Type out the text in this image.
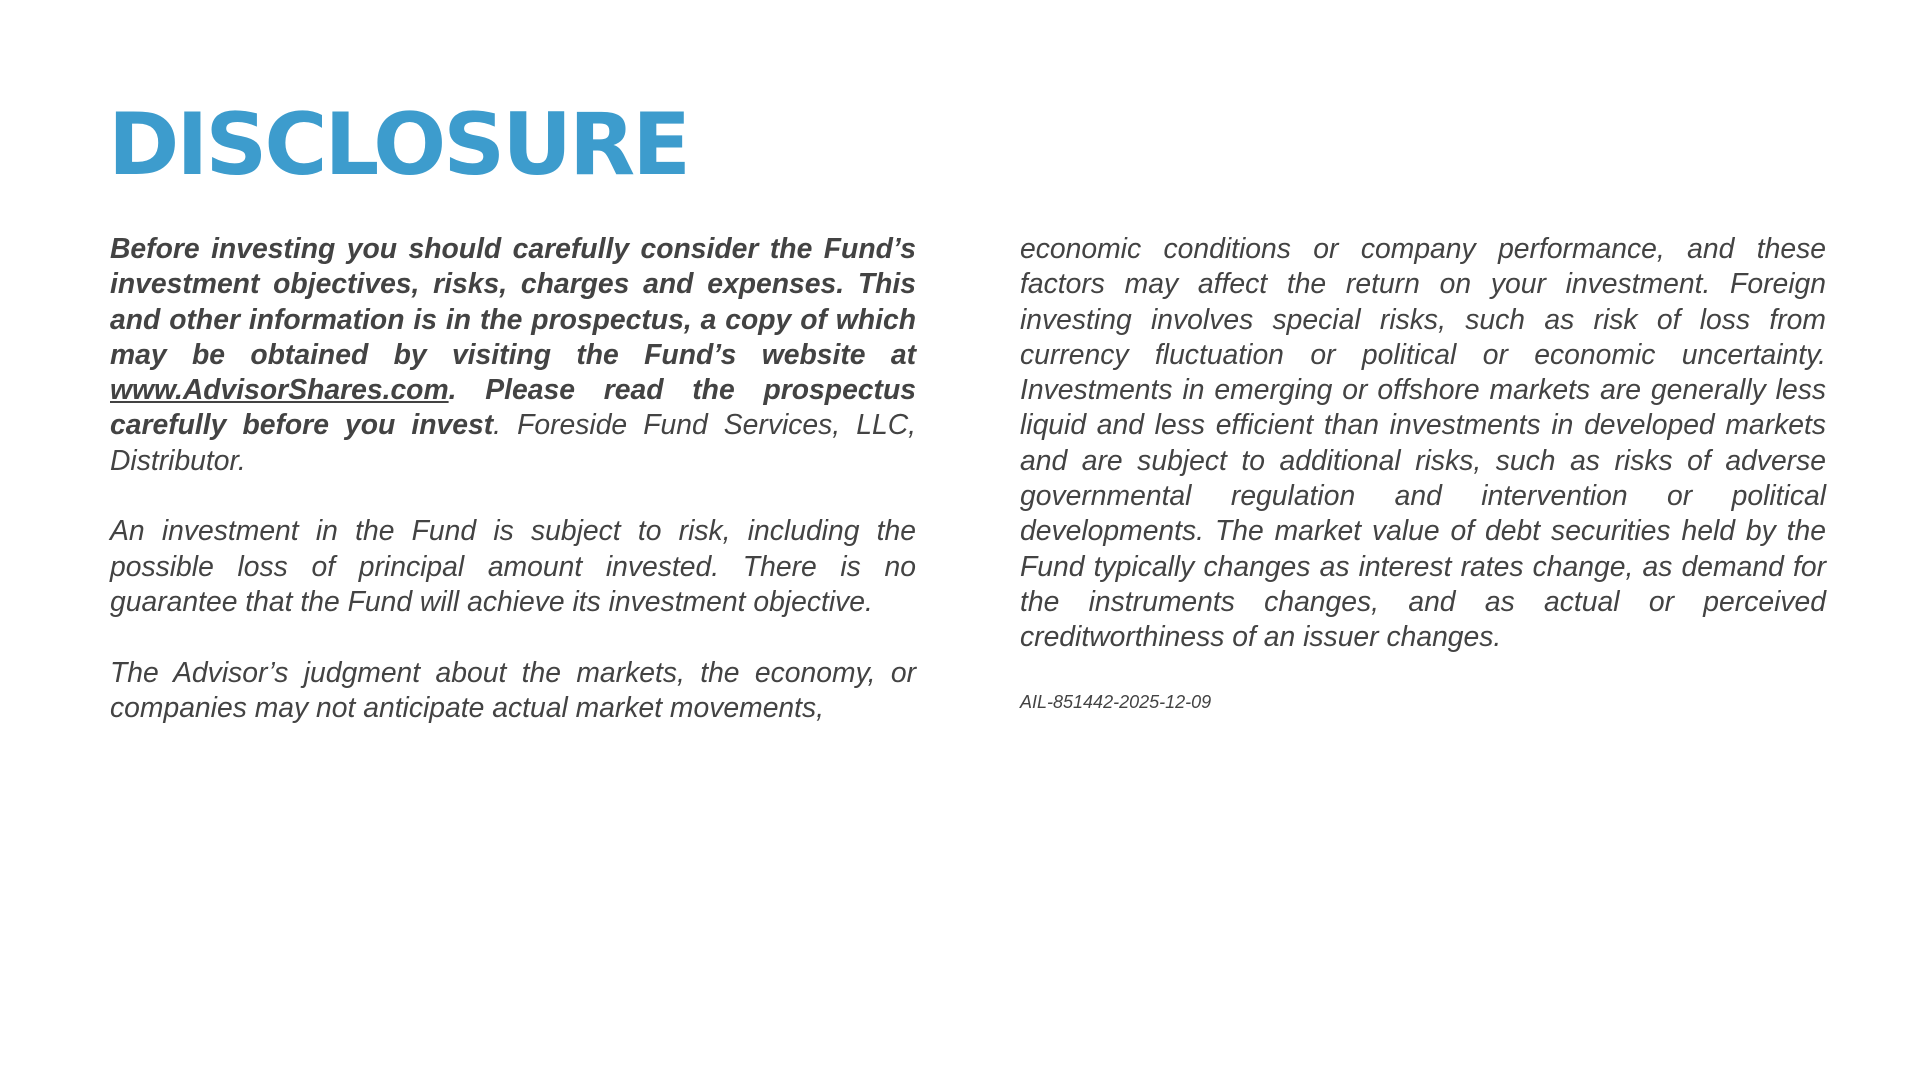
DISCLOSURE

Before investing you should carefully consider the Fund’s investment objectives, risks, charges and expenses. This and other information is in the prospectus, a copy of which may be obtained by visiting the Fund’s website at www.AdvisorShares.com. Please read the prospectus carefully before you invest. Foreside Fund Services, LLC, Distributor.

An investment in the Fund is subject to risk, including the possible loss of principal amount invested. There is no guarantee that the Fund will achieve its investment objective.

The Advisor’s judgment about the markets, the economy, or companies may not anticipate actual market movements,

economic conditions or company performance, and these factors may affect the return on your investment. Foreign investing involves special risks, such as risk of loss from currency fluctuation or political or economic uncertainty. Investments in emerging or offshore markets are generally less liquid and less efficient than investments in developed markets and are subject to additional risks, such as risks of adverse governmental regulation and intervention or political developments. The market value of debt securities held by the Fund typically changes as interest rates change, as demand for the instruments changes, and as actual or perceived creditworthiness of an issuer changes.

AIL-851442-2025-12-09
